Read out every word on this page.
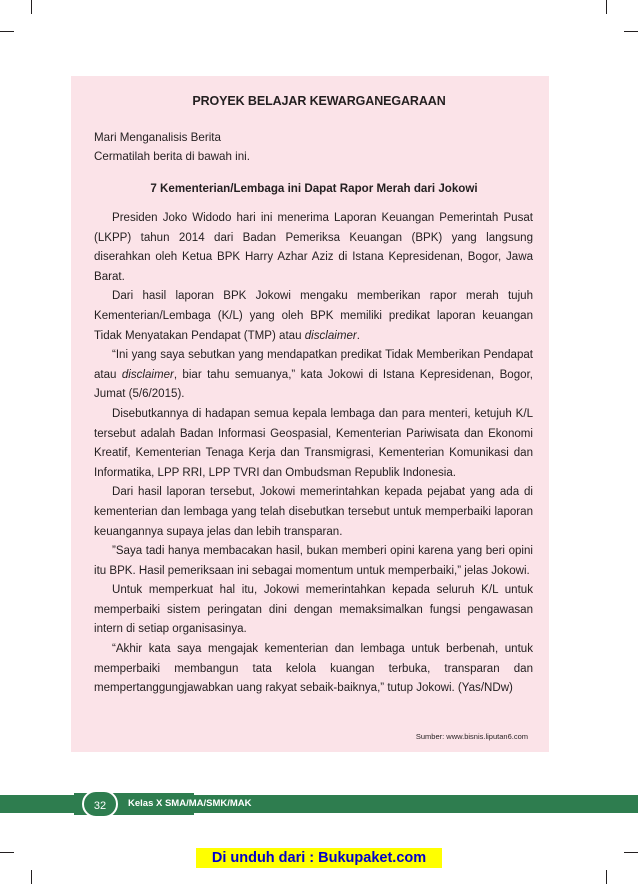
PROYEK BELAJAR KEWARGANEGARAAN
Mari Menganalisis Berita
Cermatilah berita di bawah ini.
7 Kementerian/Lembaga ini Dapat Rapor Merah dari Jokowi

Presiden Joko Widodo hari ini menerima Laporan Keuangan Pemerintah Pusat (LKPP) tahun 2014 dari Badan Pemeriksa Keuangan (BPK) yang langsung diserahkan oleh Ketua BPK Harry Azhar Aziz di Istana Kepresidenan, Bogor, Jawa Barat.

Dari hasil laporan BPK Jokowi mengaku memberikan rapor merah tujuh Kementerian/Lembaga (K/L) yang oleh BPK memiliki predikat laporan keuangan Tidak Menyatakan Pendapat (TMP) atau disclaimer.

“Ini yang saya sebutkan yang mendapatkan predikat Tidak Memberikan Pendapat atau disclaimer, biar tahu semuanya,” kata Jokowi di Istana Kepresidenan, Bogor, Jumat (5/6/2015).

Disebutkannya di hadapan semua kepala lembaga dan para menteri, ketujuh K/L tersebut adalah Badan Informasi Geospasial, Kementerian Pariwisata dan Ekonomi Kreatif, Kementerian Tenaga Kerja dan Transmigrasi, Kementerian Komunikasi dan Informatika, LPP RRI, LPP TVRI dan Ombudsman Republik Indonesia.

Dari hasil laporan tersebut, Jokowi memerintahkan kepada pejabat yang ada di kementerian dan lembaga yang telah disebutkan tersebut untuk memperbaiki laporan keuangannya supaya jelas dan lebih transparan.

”Saya tadi hanya membacakan hasil, bukan memberi opini karena yang beri opini itu BPK. Hasil pemeriksaan ini sebagai momentum untuk memperbaiki,” jelas Jokowi.

Untuk memperkuat hal itu, Jokowi memerintahkan kepada seluruh K/L untuk memperbaiki sistem peringatan dini dengan memaksimalkan fungsi pengawasan intern di setiap organisasinya.

“Akhir kata saya mengajak kementerian dan lembaga untuk berbenah, untuk memperbaiki membangun tata kelola kuangan terbuka, transparan dan mempertanggungjawabkan uang rakyat sebaik-baiknya,” tutup Jokowi. (Yas/NDw)

Sumber: www.bisnis.liputan6.com
32	Kelas X SMA/MA/SMK/MAK
Di unduh dari : Bukupaket.com
